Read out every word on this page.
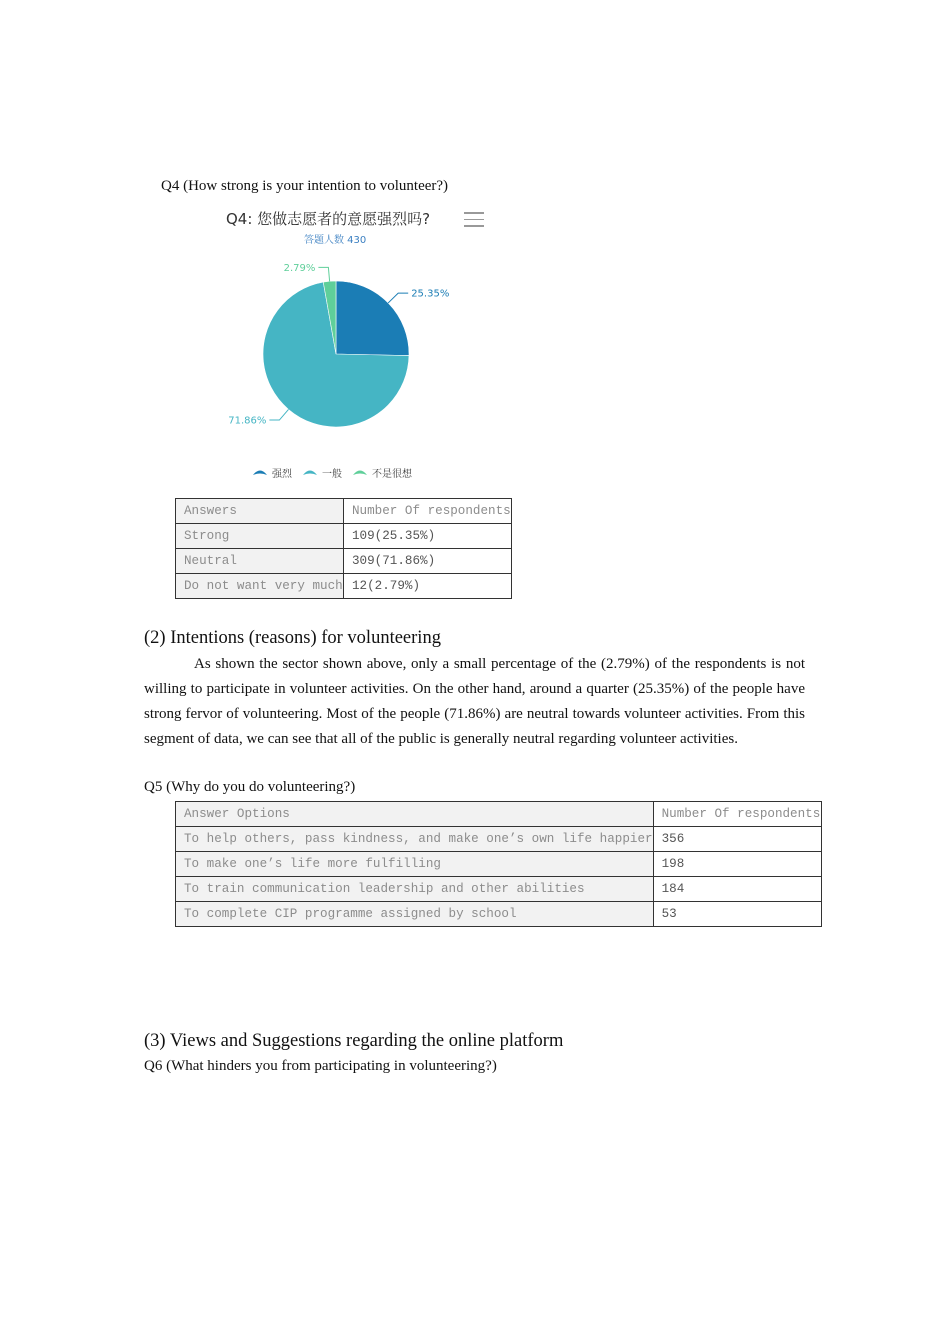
Q4 (How strong is your intention to volunteer?)
Q4: 您做志愿者的意愿强烈吗?
答题人数 430
25.35%
71.86%
2.79%
强烈	一般	不是很想
Answers	Number Of respondents
Strong	109(25.35%)
Neutral	309(71.86%)
Do not want very much	12(2.79%)
(2) Intentions (reasons) for volunteering
As shown the sector shown above, only a small percentage of the (2.79%) of the respondents is not willing to participate in volunteer activities. On the other hand, around a quarter (25.35%) of the people have strong fervor of volunteering. Most of the people (71.86%) are neutral towards volunteer activities. From this segment of data, we can see that all of the public is generally neutral regarding volunteer activities.
Q5 (Why do you do volunteering?)
Answer Options	Number Of respondents
To help others, pass kindness, and make one’s own life happier	356
To make one’s life more fulfilling	198
To train communication leadership and other abilities	184
To complete CIP programme assigned by school	53
(3) Views and Suggestions regarding the online platform
Q6 (What hinders you from participating in volunteering?)
